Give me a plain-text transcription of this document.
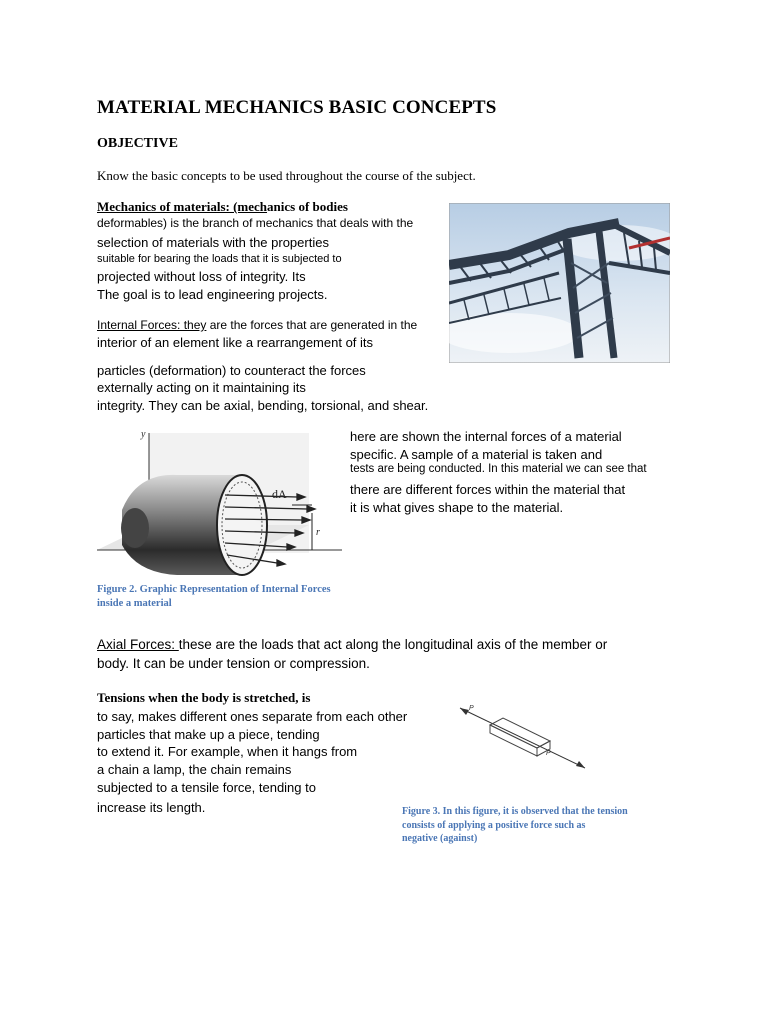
MATERIAL MECHANICS BASIC CONCEPTS
OBJECTIVE
Know the basic concepts to be used throughout the course of the subject.
Mechanics of materials: (mechanics of bodies
deformables) is the branch of mechanics that deals with the
selection of materials with the properties
suitable for bearing the loads that it is subjected to
projected without loss of integrity. Its
The goal is to lead engineering projects.
Internal Forces: they are the forces that are generated in the
interior of an element like a rearrangement of its
particles (deformation) to counteract the forces
externally acting on it maintaining its
integrity. They can be axial, bending, torsional, and shear.
y
dA
r
Figure 2. Graphic Representation of Internal Forces
inside a material
here are shown the internal forces of a material
specific. A sample of a material is taken and
tests are being conducted. In this material we can see that
there are different forces within the material that
it is what gives shape to the material.
Axial Forces: these are the loads that act along the longitudinal axis of the member or
body. It can be under tension or compression.
Tensions when the body is stretched, is
to say, makes different ones separate from each other
particles that make up a piece, tending
to extend it. For example, when it hangs from
a chain a lamp, the chain remains
subjected to a tensile force, tending to
increase its length.
P
P
Figure 3. In this figure, it is observed that the tension
consists of applying a positive force such as
negative (against)
